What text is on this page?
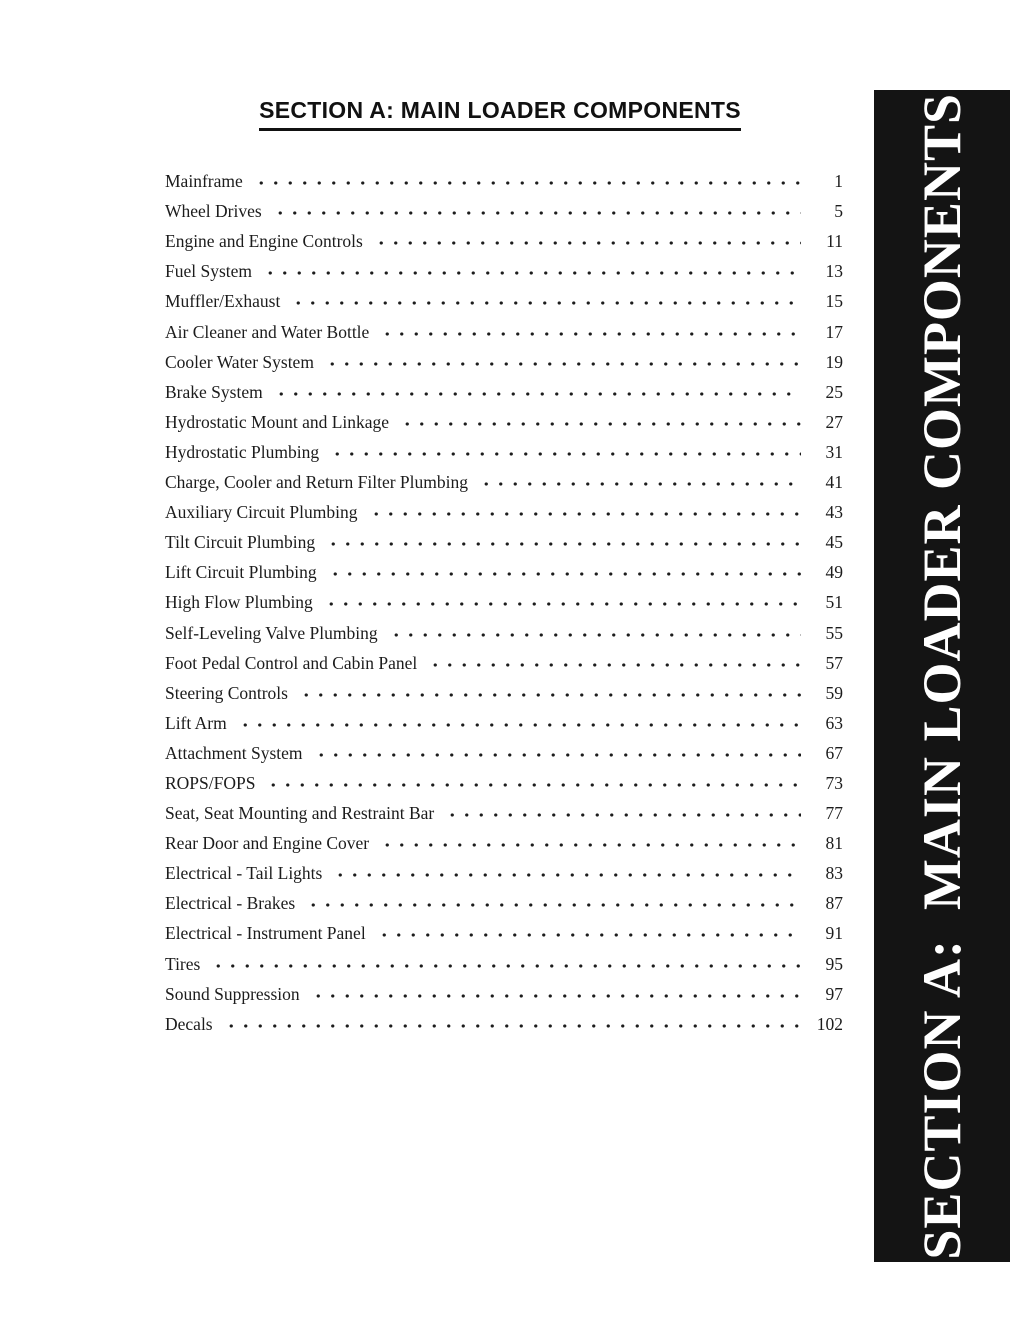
SECTION A: MAIN LOADER COMPONENTS
Mainframe	1
Wheel Drives	5
Engine and Engine Controls	11
Fuel System	13
Muffler/Exhaust	15
Air Cleaner and Water Bottle	17
Cooler Water System	19
Brake System	25
Hydrostatic Mount and Linkage	27
Hydrostatic Plumbing	31
Charge, Cooler and Return Filter Plumbing	41
Auxiliary Circuit Plumbing	43
Tilt Circuit Plumbing	45
Lift Circuit Plumbing	49
High Flow Plumbing	51
Self-Leveling Valve Plumbing	55
Foot Pedal Control and Cabin Panel	57
Steering Controls	59
Lift Arm	63
Attachment System	67
ROPS/FOPS	73
Seat, Seat Mounting and Restraint Bar	77
Rear Door and Engine Cover	81
Electrical - Tail Lights	83
Electrical - Brakes	87
Electrical - Instrument Panel	91
Tires	95
Sound Suppression	97
Decals	102 SECTION A:  MAIN LOADER COMPONENTS
